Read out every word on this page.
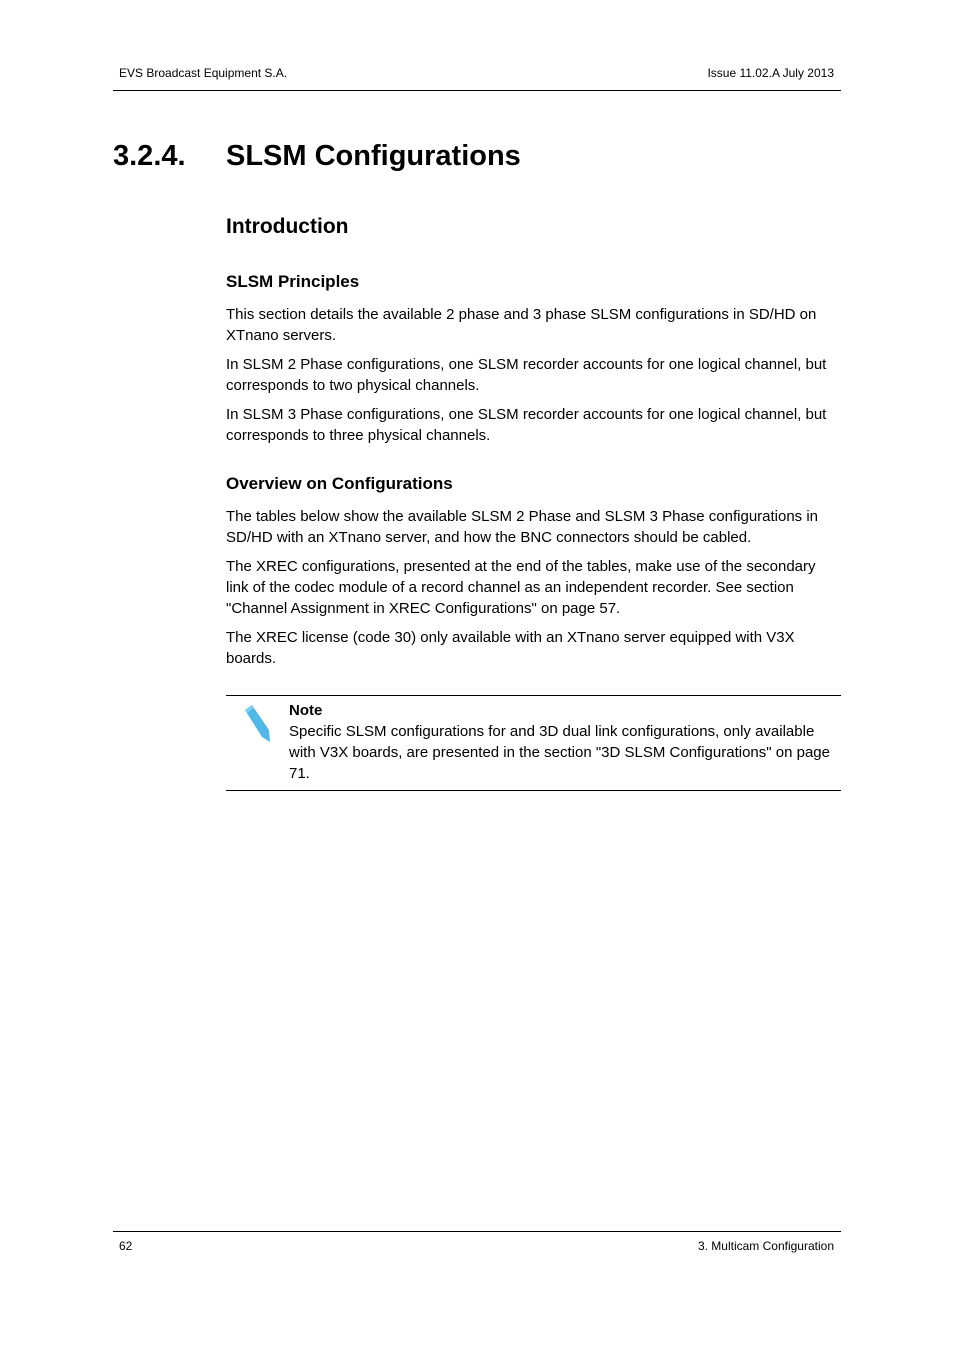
EVS Broadcast Equipment S.A.	Issue 11.02.A July 2013
3.2.4. SLSM Configurations
Introduction
SLSM Principles

This section details the available 2 phase and 3 phase SLSM configurations in SD/HD on XTnano servers.

In SLSM 2 Phase configurations, one SLSM recorder accounts for one logical channel, but corresponds to two physical channels.

In SLSM 3 Phase configurations, one SLSM recorder accounts for one logical channel, but corresponds to three physical channels.

Overview on Configurations

The tables below show the available SLSM 2 Phase and SLSM 3 Phase configurations in SD/HD with an XTnano server, and how the BNC connectors should be cabled.

The XREC configurations, presented at the end of the tables, make use of the secondary link of the codec module of a record channel as an independent recorder. See section "Channel Assignment in XREC Configurations" on page 57.

The XREC license (code 30) only available with an XTnano server equipped with V3X boards.

Note
Specific SLSM configurations for and 3D dual link configurations, only available with V3X boards, are presented in the section "3D SLSM Configurations" on page 71.
62	3. Multicam Configuration
